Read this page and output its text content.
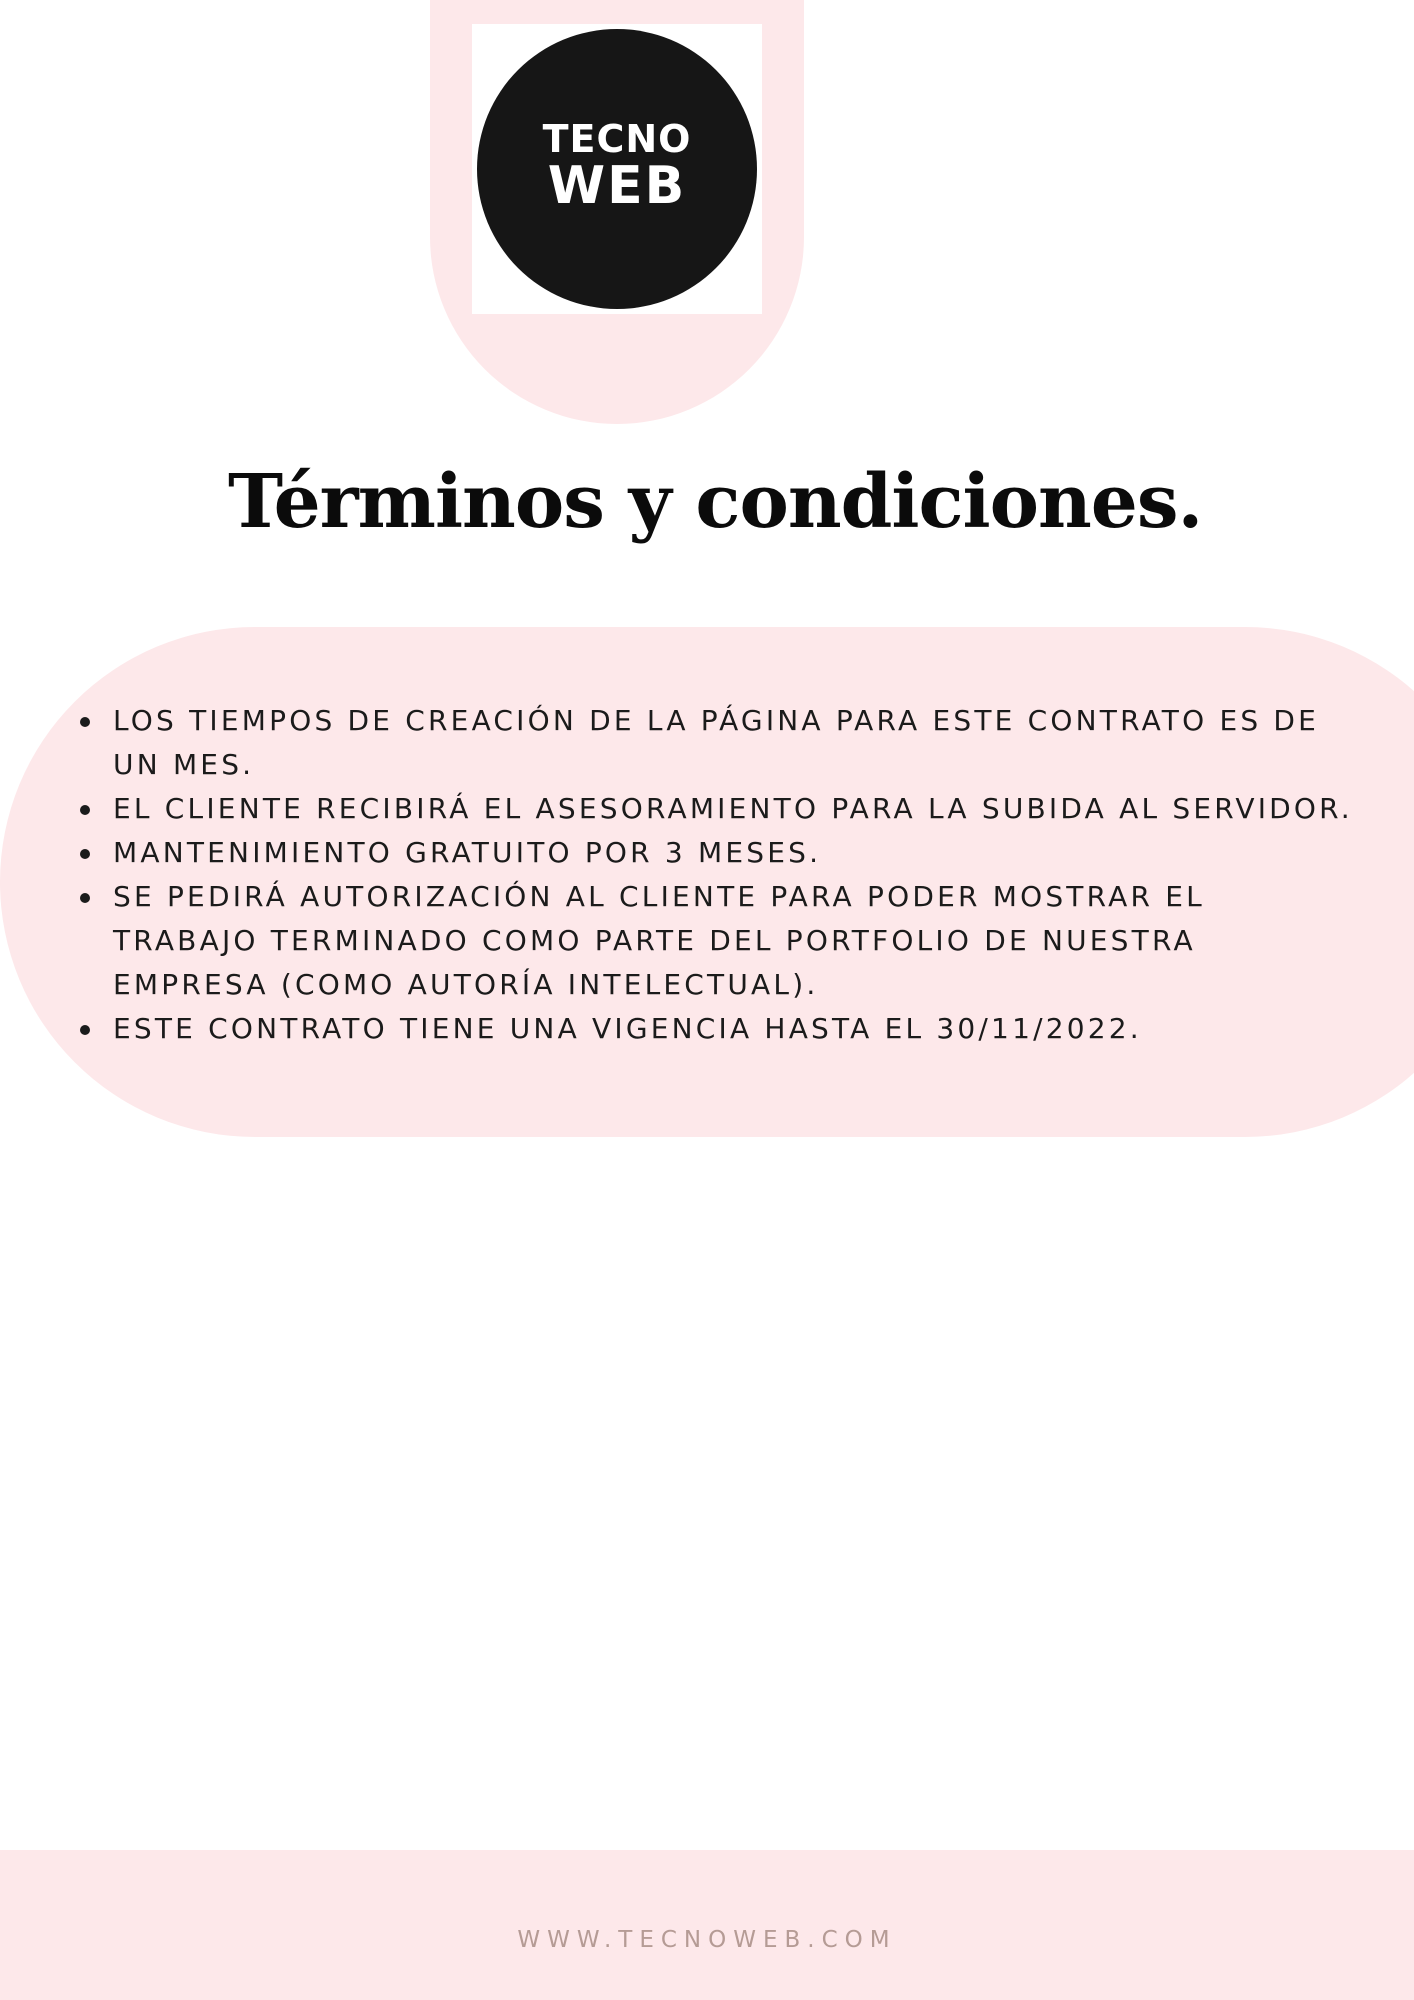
TECNO
WEB
Términos y condiciones.
LOS TIEMPOS DE CREACIÓN DE LA PÁGINA PARA ESTE CONTRATO ES DE UN MES.
EL CLIENTE RECIBIRÁ EL ASESORAMIENTO PARA LA SUBIDA AL SERVIDOR.
MANTENIMIENTO GRATUITO POR 3 MESES.
SE PEDIRÁ AUTORIZACIÓN AL CLIENTE PARA PODER MOSTRAR EL TRABAJO TERMINADO COMO PARTE DEL PORTFOLIO DE NUESTRA EMPRESA (COMO AUTORÍA INTELECTUAL).
ESTE CONTRATO TIENE UNA VIGENCIA HASTA EL 30/11/2022.
WWW.TECNOWEB.COM
